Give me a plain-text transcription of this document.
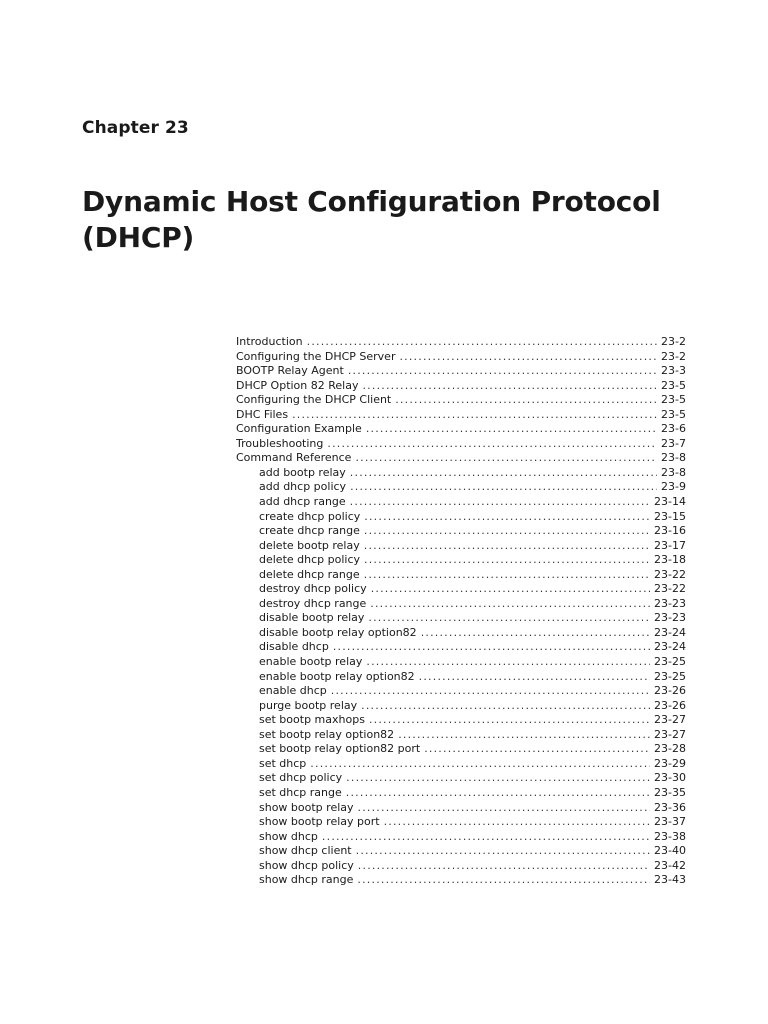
Chapter 23
Dynamic Host Configuration Protocol (DHCP)
Introduction .....	23-2
Configuring the DHCP Server .....	23-2
BOOTP Relay Agent .....	23-3
DHCP Option 82 Relay .....	23-5
Configuring the DHCP Client .....	23-5
DHC Files .....	23-5
Configuration Example .....	23-6
Troubleshooting .....	23-7
Command Reference .....	23-8
add bootp relay .....	23-8
add dhcp policy .....	23-9
add dhcp range .....	23-14
create dhcp policy .....	23-15
create dhcp range .....	23-16
delete bootp relay .....	23-17
delete dhcp policy .....	23-18
delete dhcp range .....	23-22
destroy dhcp policy .....	23-22
destroy dhcp range .....	23-23
disable bootp relay .....	23-23
disable bootp relay option82 .....	23-24
disable dhcp .....	23-24
enable bootp relay .....	23-25
enable bootp relay option82 .....	23-25
enable dhcp .....	23-26
purge bootp relay .....	23-26
set bootp maxhops .....	23-27
set bootp relay option82 .....	23-27
set bootp relay option82 port .....	23-28
set dhcp .....	23-29
set dhcp policy .....	23-30
set dhcp range .....	23-35
show bootp relay .....	23-36
show bootp relay port .....	23-37
show dhcp .....	23-38
show dhcp client .....	23-40
show dhcp policy .....	23-42
show dhcp range .....	23-43
